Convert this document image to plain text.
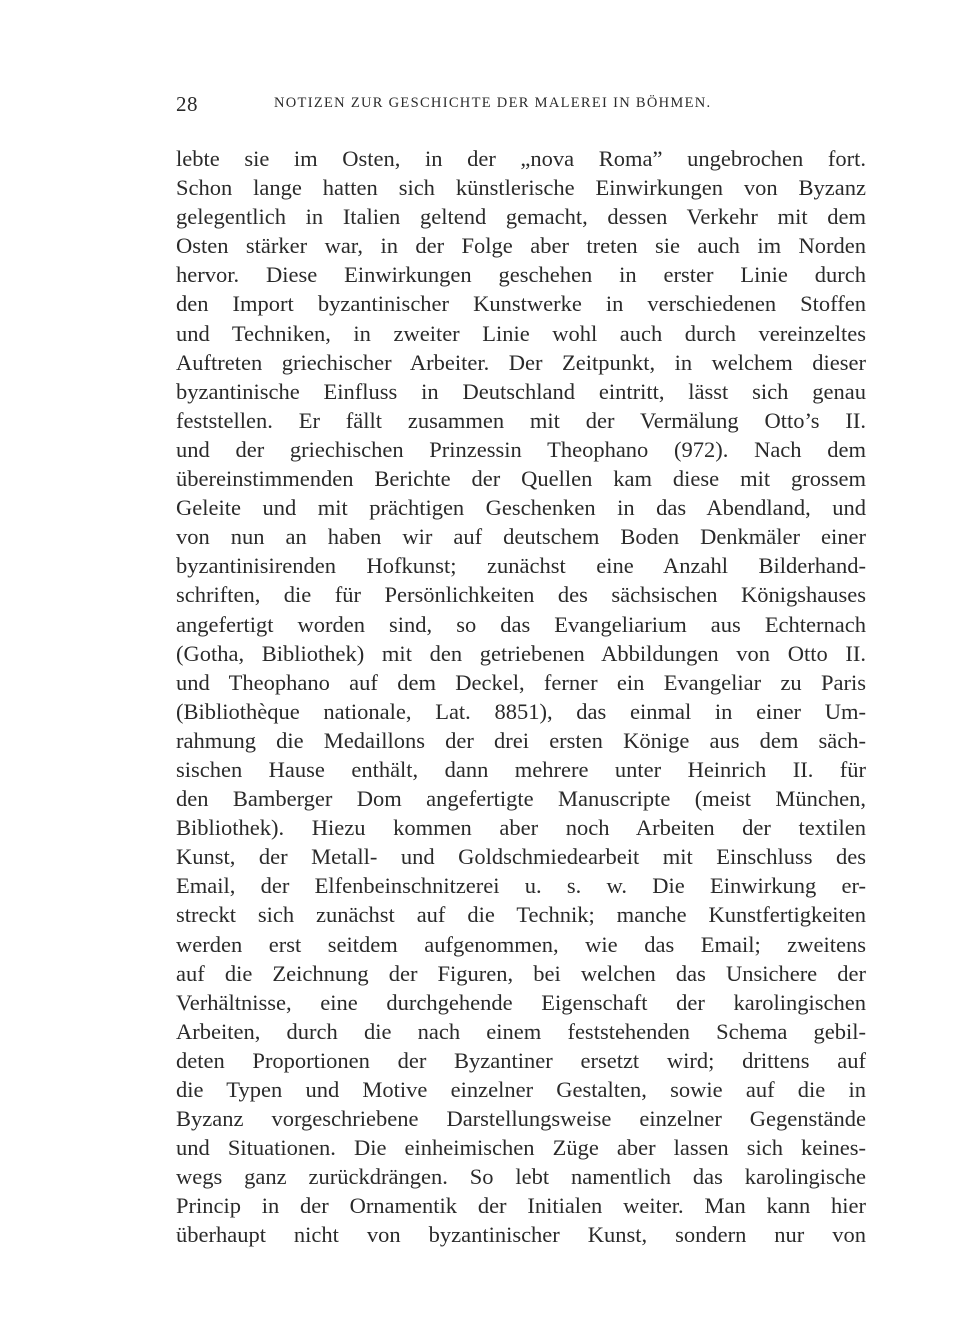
28	NOTIZEN ZUR GESCHICHTE DER MALEREI IN BÖHMEN.
lebte sie im Osten, in der „nova Roma” ungebrochen fort.
Schon lange hatten sich künstlerische Einwirkungen von Byzanz
gelegentlich in Italien geltend gemacht, dessen Verkehr mit dem
Osten stärker war, in der Folge aber treten sie auch im Norden
hervor. Diese Einwirkungen geschehen in erster Linie durch
den Import byzantinischer Kunstwerke in verschiedenen Stoffen
und Techniken, in zweiter Linie wohl auch durch vereinzeltes
Auftreten griechischer Arbeiter. Der Zeitpunkt, in welchem dieser
byzantinische Einfluss in Deutschland eintritt, lässt sich genau
feststellen. Er fällt zusammen mit der Vermälung Otto’s II.
und der griechischen Prinzessin Theophano (972). Nach dem
übereinstimmenden Berichte der Quellen kam diese mit grossem
Geleite und mit prächtigen Geschenken in das Abendland, und
von nun an haben wir auf deutschem Boden Denkmäler einer
byzantinisirenden Hofkunst; zunächst eine Anzahl Bilderhand-
schriften, die für Persönlichkeiten des sächsischen Königshauses
angefertigt worden sind, so das Evangeliarium aus Echternach
(Gotha, Bibliothek) mit den getriebenen Abbildungen von Otto II.
und Theophano auf dem Deckel, ferner ein Evangeliar zu Paris
(Bibliothèque nationale, Lat. 8851), das einmal in einer Um-
rahmung die Medaillons der drei ersten Könige aus dem säch-
sischen Hause enthält, dann mehrere unter Heinrich II. für
den Bamberger Dom angefertigte Manuscripte (meist München,
Bibliothek). Hiezu kommen aber noch Arbeiten der textilen
Kunst, der Metall- und Goldschmiedearbeit mit Einschluss des
Email, der Elfenbeinschnitzerei u. s. w. Die Einwirkung er-
streckt sich zunächst auf die Technik; manche Kunstfertigkeiten
werden erst seitdem aufgenommen, wie das Email; zweitens
auf die Zeichnung der Figuren, bei welchen das Unsichere der
Verhältnisse, eine durchgehende Eigenschaft der karolingischen
Arbeiten, durch die nach einem feststehenden Schema gebil-
deten Proportionen der Byzantiner ersetzt wird; drittens auf
die Typen und Motive einzelner Gestalten, sowie auf die in
Byzanz vorgeschriebene Darstellungsweise einzelner Gegenstände
und Situationen. Die einheimischen Züge aber lassen sich keines-
wegs ganz zurückdrängen. So lebt namentlich das karolingische
Princip in der Ornamentik der Initialen weiter. Man kann hier
überhaupt nicht von byzantinischer Kunst, sondern nur von
